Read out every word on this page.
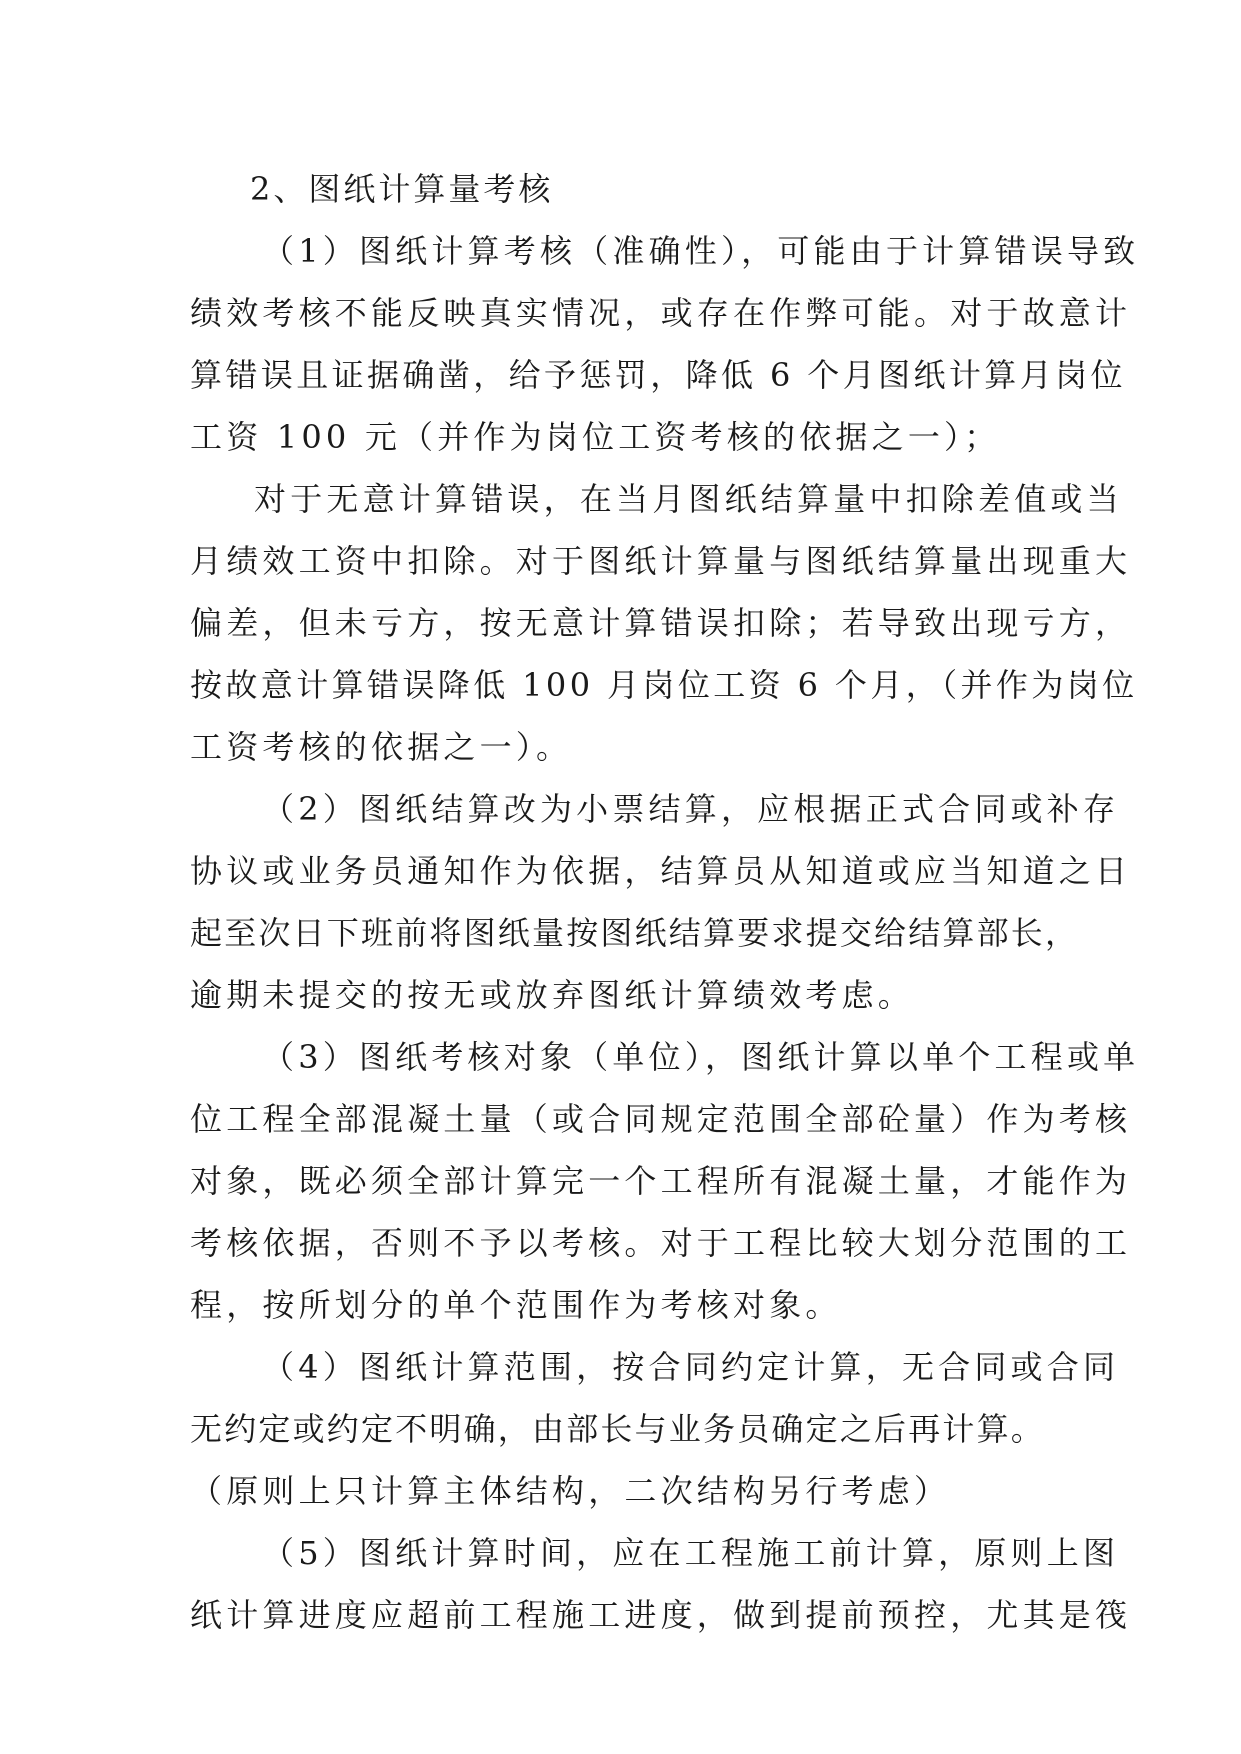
2、图纸计算量考核
（1）图纸计算考核（准确性），可能由于计算错误导致
绩效考核不能反映真实情况，或存在作弊可能。对于故意计
算错误且证据确凿，给予惩罚，降低 6 个月图纸计算月岗位
工资 100 元（并作为岗位工资考核的依据之一）；
对于无意计算错误，在当月图纸结算量中扣除差值或当
月绩效工资中扣除。对于图纸计算量与图纸结算量出现重大
偏差，但未亏方，按无意计算错误扣除；若导致出现亏方，
按故意计算错误降低 100 月岗位工资 6 个月，（并作为岗位
工资考核的依据之一）。
（2）图纸结算改为小票结算，应根据正式合同或补存
协议或业务员通知作为依据，结算员从知道或应当知道之日
起至次日下班前将图纸量按图纸结算要求提交给结算部长，
逾期未提交的按无或放弃图纸计算绩效考虑。
（3）图纸考核对象（单位），图纸计算以单个工程或单
位工程全部混凝土量（或合同规定范围全部砼量）作为考核
对象，既必须全部计算完一个工程所有混凝土量，才能作为
考核依据，否则不予以考核。对于工程比较大划分范围的工
程，按所划分的单个范围作为考核对象。
（4）图纸计算范围，按合同约定计算，无合同或合同
无约定或约定不明确，由部长与业务员确定之后再计算。
（原则上只计算主体结构，二次结构另行考虑）
（5）图纸计算时间，应在工程施工前计算，原则上图
纸计算进度应超前工程施工进度，做到提前预控，尤其是筏
